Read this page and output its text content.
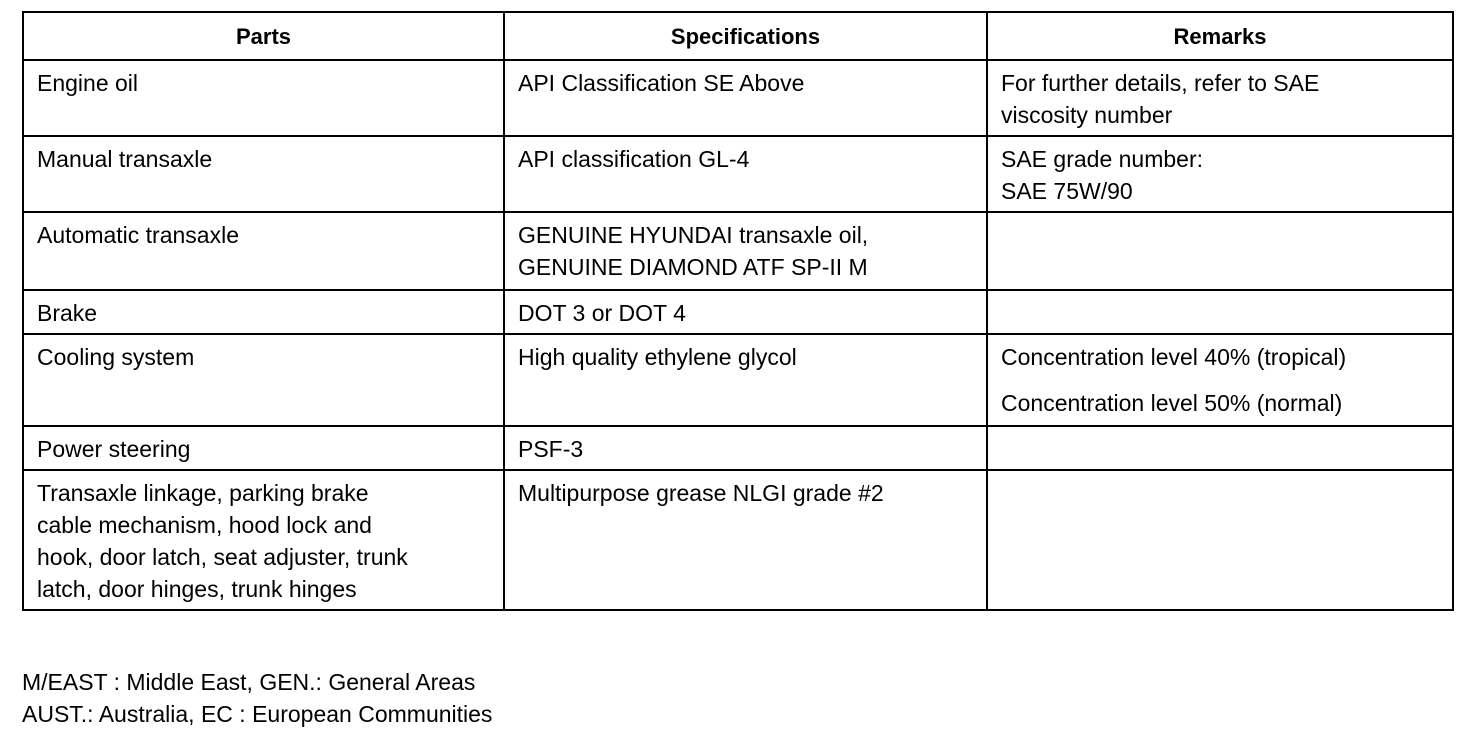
Parts	Specifications	Remarks

Engine oil	API Classification SE Above	For further details, refer to SAE
viscosity number

Manual transaxle	API classification GL-4	SAE grade number:
SAE 75W/90

Automatic transaxle	GENUINE HYUNDAI transaxle oil,
GENUINE DIAMOND ATF SP-II M	

Brake	DOT 3 or DOT 4	

Cooling system	High quality ethylene glycol	Concentration level 40% (tropical)
Concentration level 50% (normal)

Power steering	PSF-3	

Transaxle linkage, parking brake
cable mechanism, hood lock and
hook, door latch, seat adjuster, trunk
latch, door hinges, trunk hinges	Multipurpose grease NLGI grade #2	

M/EAST : Middle East, GEN.: General Areas
AUST.: Australia, EC : European Communities
